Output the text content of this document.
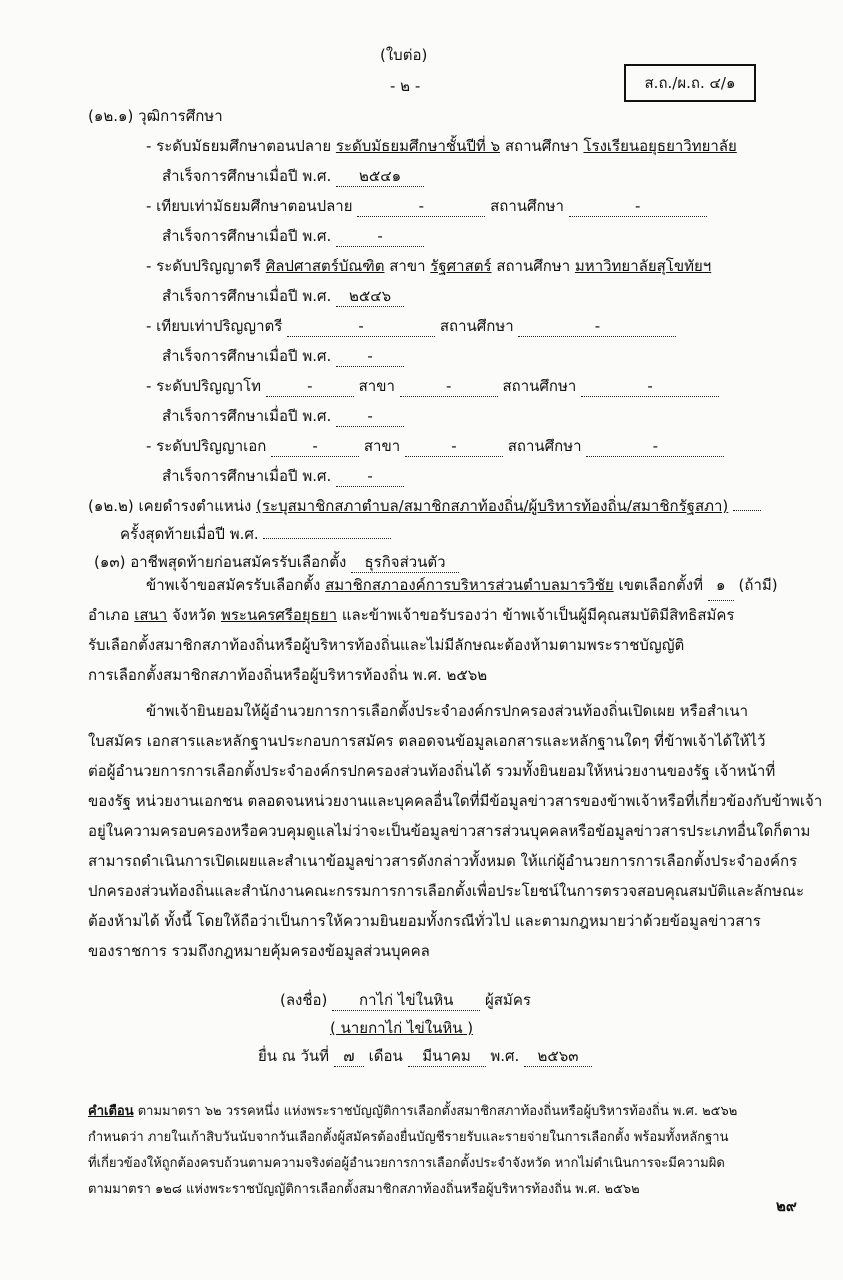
(ใบต่อ)
- ๒ -	ส.ถ./ผ.ถ. ๔/๑
(๑๒.๑) วุฒิการศึกษา
- ระดับมัธยมศึกษาตอนปลาย ระดับมัธยมศึกษาชั้นปีที่ ๖ สถานศึกษา โรงเรียนอยุธยาวิทยาลัย
สำเร็จการศึกษาเมื่อปี พ.ศ. ๒๕๔๑
- เทียบเท่ามัธยมศึกษาตอนปลาย	-	สถานศึกษา	-
สำเร็จการศึกษาเมื่อปี พ.ศ.	-
- ระดับปริญญาตรี ศิลปศาสตร์บัณฑิต สาขา รัฐศาสตร์ สถานศึกษา มหาวิทยาลัยสุโขทัยฯ
สำเร็จการศึกษาเมื่อปี พ.ศ. ๒๕๔๖
- เทียบเท่าปริญญาตรี	-	สถานศึกษา	-
สำเร็จการศึกษาเมื่อปี พ.ศ. -
- ระดับปริญญาโท	-	สาขา	-	สถานศึกษา	-
สำเร็จการศึกษาเมื่อปี พ.ศ. -
- ระดับปริญญาเอก	-	สาขา	-	สถานศึกษา	-
สำเร็จการศึกษาเมื่อปี พ.ศ. -
(๑๒.๒) เคยดำรงตำแหน่ง (ระบุสมาชิกสภาตำบล/สมาชิกสภาท้องถิ่น/ผู้บริหารท้องถิ่น/สมาชิกรัฐสภา)
ครั้งสุดท้ายเมื่อปี พ.ศ.
(๑๓) อาชีพสุดท้ายก่อนสมัครรับเลือกตั้ง ธุรกิจส่วนตัว
ข้าพเจ้าขอสมัครรับเลือกตั้ง สมาชิกสภาองค์การบริหารส่วนตำบลมารวิชัย เขตเลือกตั้งที่ ๑ (ถ้ามี)
อำเภอ เสนา จังหวัด พระนครศรีอยุธยา และข้าพเจ้าขอรับรองว่า ข้าพเจ้าเป็นผู้มีคุณสมบัติมีสิทธิสมัคร
รับเลือกตั้งสมาชิกสภาท้องถิ่นหรือผู้บริหารท้องถิ่นและไม่มีลักษณะต้องห้ามตามพระราชบัญญัติ
การเลือกตั้งสมาชิกสภาท้องถิ่นหรือผู้บริหารท้องถิ่น พ.ศ. ๒๕๖๒
ข้าพเจ้ายินยอมให้ผู้อำนวยการการเลือกตั้งประจำองค์กรปกครองส่วนท้องถิ่นเปิดเผย หรือสำเนา
ใบสมัคร เอกสารและหลักฐานประกอบการสมัคร ตลอดจนข้อมูลเอกสารและหลักฐานใดๆ ที่ข้าพเจ้าได้ให้ไว้
ต่อผู้อำนวยการการเลือกตั้งประจำองค์กรปกครองส่วนท้องถิ่นได้ รวมทั้งยินยอมให้หน่วยงานของรัฐ เจ้าหน้าที่
ของรัฐ หน่วยงานเอกชน ตลอดจนหน่วยงานและบุคคลอื่นใดที่มีข้อมูลข่าวสารของข้าพเจ้าหรือที่เกี่ยวข้องกับข้าพเจ้า
อยู่ในความครอบครองหรือควบคุมดูแลไม่ว่าจะเป็นข้อมูลข่าวสารส่วนบุคคลหรือข้อมูลข่าวสารประเภทอื่นใดก็ตาม
สามารถดำเนินการเปิดเผยและสำเนาข้อมูลข่าวสารดังกล่าวทั้งหมด ให้แก่ผู้อำนวยการการเลือกตั้งประจำองค์กร
ปกครองส่วนท้องถิ่นและสำนักงานคณะกรรมการการเลือกตั้งเพื่อประโยชน์ในการตรวจสอบคุณสมบัติและลักษณะ
ต้องห้ามได้ ทั้งนี้ โดยให้ถือว่าเป็นการให้ความยินยอมทั้งกรณีทั่วไป และตามกฎหมายว่าด้วยข้อมูลข่าวสาร
ของราชการ รวมถึงกฎหมายคุ้มครองข้อมูลส่วนบุคคล
(ลงชื่อ) กาไก่ ไข่ในหิน ผู้สมัคร
( นายกาไก่ ไข่ในหิน )
ยื่น ณ วันที่ ๗ เดือน มีนาคม พ.ศ. ๒๕๖๓
คำเตือน ตามมาตรา ๖๒ วรรคหนึ่ง แห่งพระราชบัญญัติการเลือกตั้งสมาชิกสภาท้องถิ่นหรือผู้บริหารท้องถิ่น พ.ศ. ๒๕๖๒
กำหนดว่า ภายในเก้าสิบวันนับจากวันเลือกตั้งผู้สมัครต้องยื่นบัญชีรายรับและรายจ่ายในการเลือกตั้ง พร้อมทั้งหลักฐาน
ที่เกี่ยวข้องให้ถูกต้องครบถ้วนตามความจริงต่อผู้อำนวยการการเลือกตั้งประจำจังหวัด หากไม่ดำเนินการจะมีความผิด
ตามมาตรา ๑๒๘ แห่งพระราชบัญญัติการเลือกตั้งสมาชิกสภาท้องถิ่นหรือผู้บริหารท้องถิ่น พ.ศ. ๒๕๖๒
๒๙
